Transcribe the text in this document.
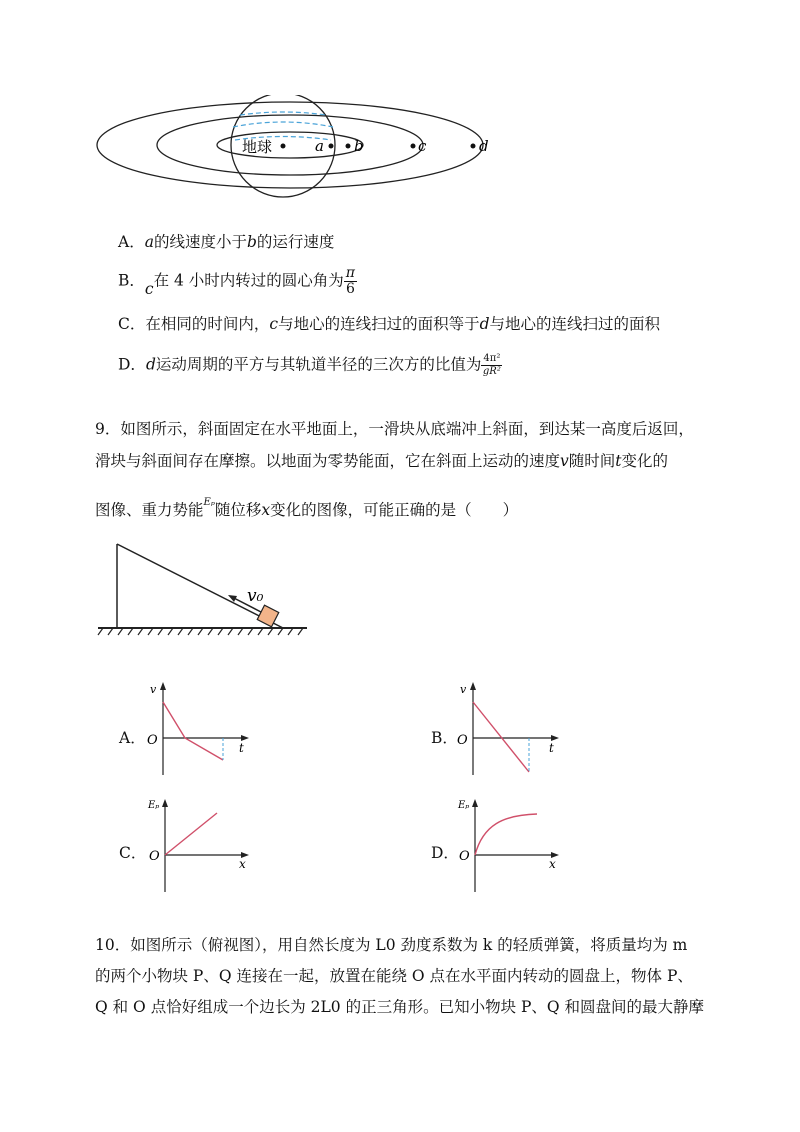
地球	a b	c	d
A．a的线速度小于b的运行速度
B．c在 4 小时内转过的圆心角为 $\frac{\pi}{6}$
C．在相同的时间内，c与地心的连线扫过的面积等于d与地心的连线扫过的面积
D．d运动周期的平方与其轨道半径的三次方的比值为 $\frac{\text{4π²}}{\text{gR²}}$
9．如图所示，斜面固定在水平地面上，一滑块从底端冲上斜面，到达某一高度后返回，
滑块与斜面间存在摩擦。以地面为零势能面，它在斜面上运动的速度v随时间t变化的
图像、重力势能$^{E_p}$随位移x变化的图像，可能正确的是（　　）
v₀
A．
v
O	t
B．
v
O	t
C．
Eₚ
O	x
D．
Eₚ
O	x
10．如图所示（俯视图），用自然长度为 L0 劲度系数为 k 的轻质弹簧，将质量均为 m
的两个小物块 P、Q 连接在一起，放置在能绕 O 点在水平面内转动的圆盘上，物体 P、
Q 和 O 点恰好组成一个边长为 2L0 的正三角形。已知小物块 P、Q 和圆盘间的最大静摩
